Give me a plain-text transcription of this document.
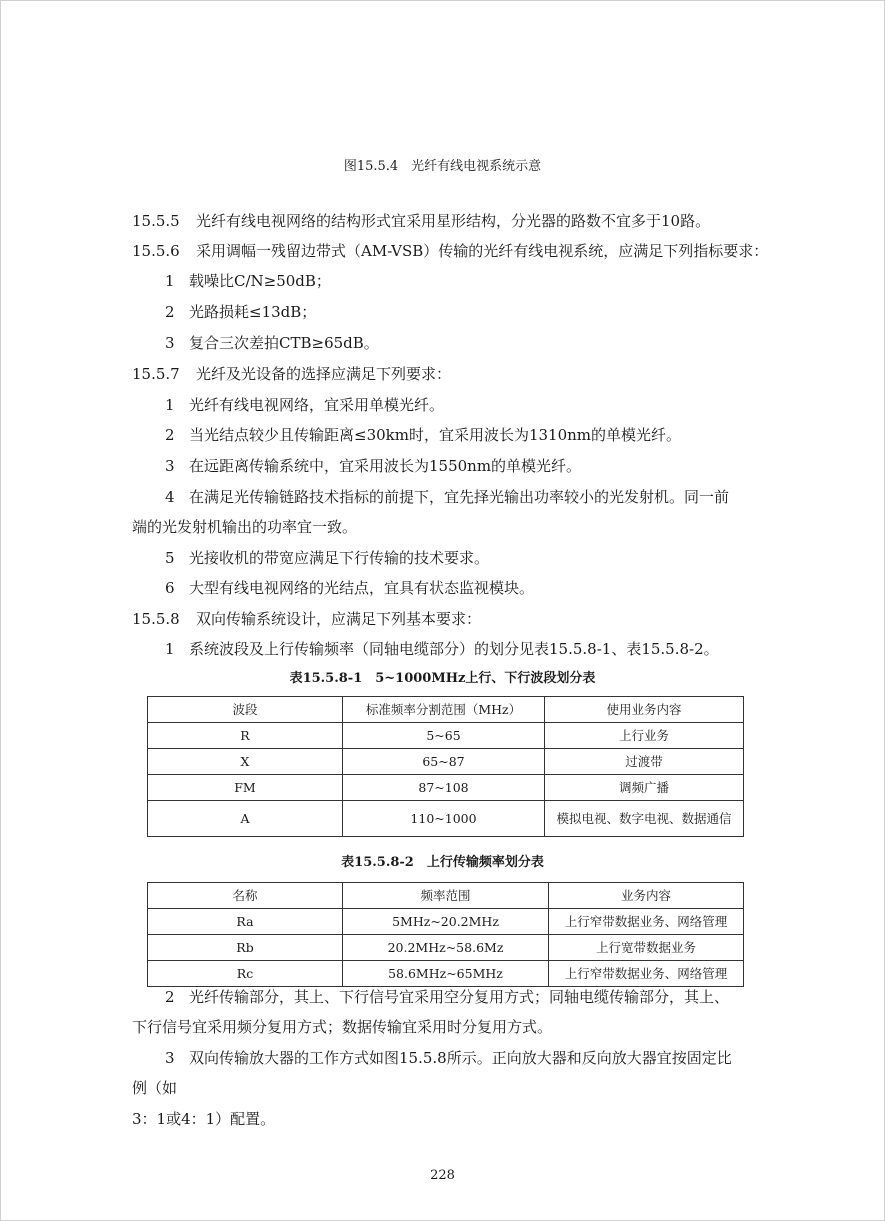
图15.5.4　光纤有线电视系统示意
15.5.5 光纤有线电视网络的结构形式宜采用星形结构，分光器的路数不宜多于10路。
15.5.6 采用调幅一残留边带式（AM-VSB）传输的光纤有线电视系统，应满足下列指标要求：
1 载噪比C/N≥50dB；
2 光路损耗≤13dB；
3 复合三次差拍CTB≥65dB。
15.5.7 光纤及光设备的选择应满足下列要求：
1 光纤有线电视网络，宜采用单模光纤。
2 当光结点较少且传输距离≤30km时，宜采用波长为1310nm的单模光纤。
3 在远距离传输系统中，宜采用波长为1550nm的单模光纤。
4 在满足光传输链路技术指标的前提下，宜先择光输出功率较小的光发射机。同一前
端的光发射机输出的功率宜一致。
5 光接收机的带宽应满足下行传输的技术要求。
6 大型有线电视网络的光结点，宜具有状态监视模块。
15.5.8 双向传输系统设计，应满足下列基本要求：
1 系统波段及上行传输频率（同轴电缆部分）的划分见表15.5.8-1、表15.5.8-2。
表15.5.8-1　5~1000MHz上行、下行波段划分表
波段	标准频率分割范围（MHz）	使用业务内容
R	5~65	上行业务
X	65~87	过渡带
FM	87~108	调频广播
A	110~1000	模拟电视、数字电视、数据通信
表15.5.8-2　上行传输频率划分表
名称	频率范围	业务内容
Ra	5MHz~20.2MHz	上行窄带数据业务、网络管理
Rb	20.2MHz~58.6Mz	上行宽带数据业务
Rc	58.6MHz~65MHz	上行窄带数据业务、网络管理
2 光纤传输部分，其上、下行信号宜采用空分复用方式；同轴电缆传输部分，其上、
下行信号宜采用频分复用方式；数据传输宜采用时分复用方式。
3 双向传输放大器的工作方式如图15.5.8所示。正向放大器和反向放大器宜按固定比
例（如
3：1或4：1）配置。
228
